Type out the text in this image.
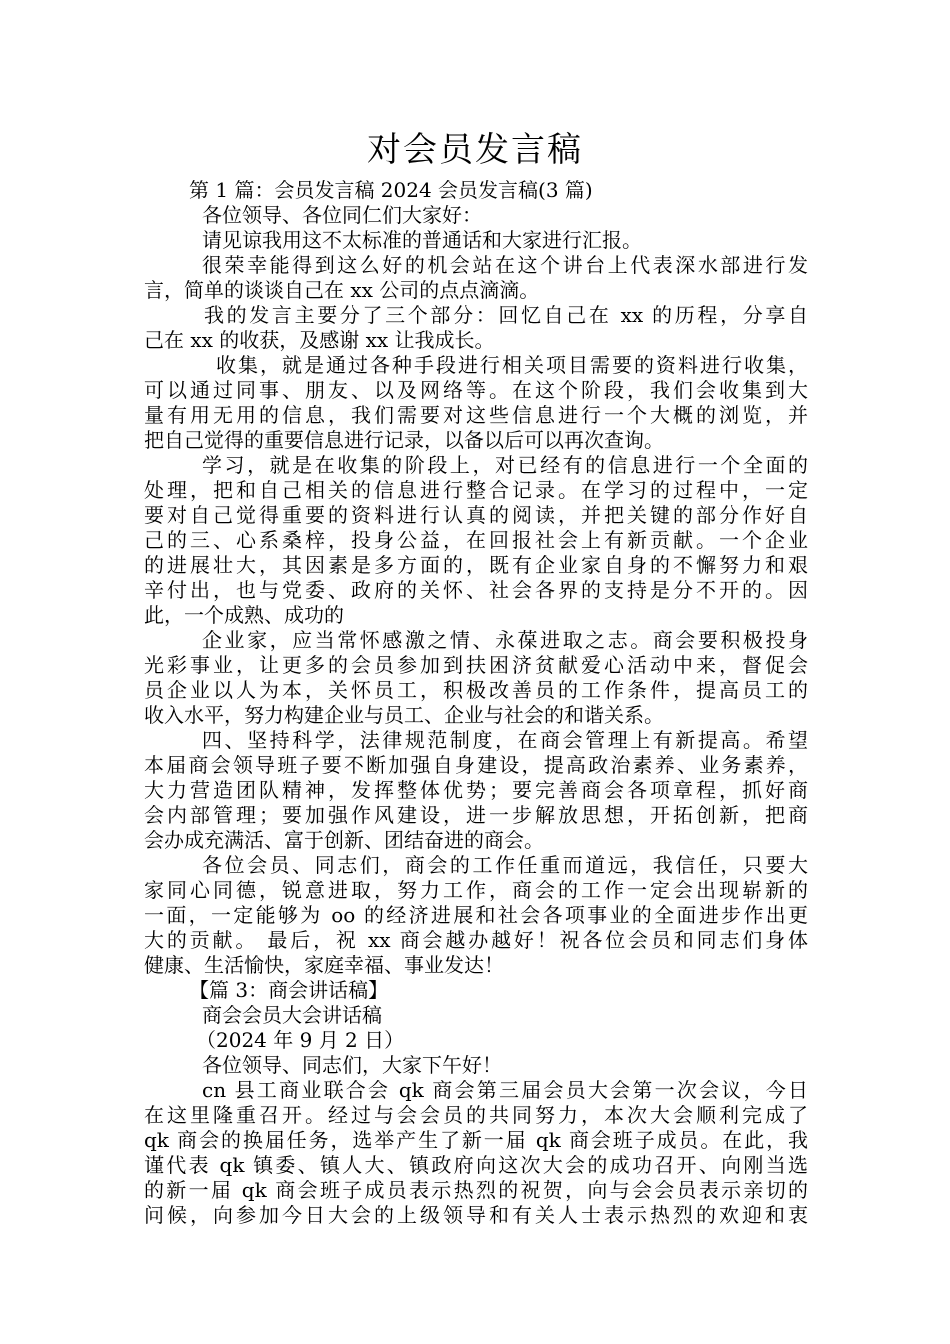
对会员发言稿
第 1 篇：会员发言稿 2024 会员发言稿(3 篇)
各位领导、各位同仁们大家好：
请见谅我用这不太标准的普通话和大家进行汇报。
很荣幸能得到这么好的机会站在这个讲台上代表深水部进行发
言，简单的谈谈自己在 xx 公司的点点滴滴。
我的发言主要分了三个部分：回忆自己在 xx 的历程，分享自
己在 xx 的收获，及感谢 xx 让我成长。
收集，就是通过各种手段进行相关项目需要的资料进行收集，
可以通过同事、朋友、以及网络等。在这个阶段，我们会收集到大
量有用无用的信息，我们需要对这些信息进行一个大概的浏览，并
把自己觉得的重要信息进行记录，以备以后可以再次查询。
学习，就是在收集的阶段上，对已经有的信息进行一个全面的
处理，把和自己相关的信息进行整合记录。在学习的过程中，一定
要对自己觉得重要的资料进行认真的阅读，并把关键的部分作好自
己的三、心系桑梓，投身公益，在回报社会上有新贡献。一个企业
的进展壮大，其因素是多方面的，既有企业家自身的不懈努力和艰
辛付出，也与党委、政府的关怀、社会各界的支持是分不开的。因
此，一个成熟、成功的
企业家，应当常怀感激之情、永葆进取之志。商会要积极投身
光彩事业，让更多的会员参加到扶困济贫献爱心活动中来，督促会
员企业以人为本，关怀员工，积极改善员的工作条件，提高员工的
收入水平，努力构建企业与员工、企业与社会的和谐关系。
四、坚持科学，法律规范制度，在商会管理上有新提高。希望
本届商会领导班子要不断加强自身建设，提高政治素养、业务素养，
大力营造团队精神，发挥整体优势；要完善商会各项章程，抓好商
会内部管理；要加强作风建设，进一步解放思想，开拓创新，把商
会办成充满活、富于创新、团结奋进的商会。
各位会员、同志们，商会的工作任重而道远，我信任，只要大
家同心同德，锐意进取，努力工作，商会的工作一定会出现崭新的
一面，一定能够为 oo 的经济进展和社会各项事业的全面进步作出更
大的贡献。 最后，祝 xx 商会越办越好！祝各位会员和同志们身体
健康、生活愉快，家庭幸福、事业发达！
【篇 3：商会讲话稿】
商会会员大会讲话稿
（2024 年 9 月 2 日）
各位领导、同志们，大家下午好！
cn 县工商业联合会 qk 商会第三届会员大会第一次会议，今日
在这里隆重召开。经过与会会员的共同努力，本次大会顺利完成了
qk 商会的换届任务，选举产生了新一届 qk 商会班子成员。在此，我
谨代表 qk 镇委、镇人大、镇政府向这次大会的成功召开、向刚当选
的新一届 qk 商会班子成员表示热烈的祝贺，向与会会员表示亲切的
问候，向参加今日大会的上级领导和有关人士表示热烈的欢迎和衷
